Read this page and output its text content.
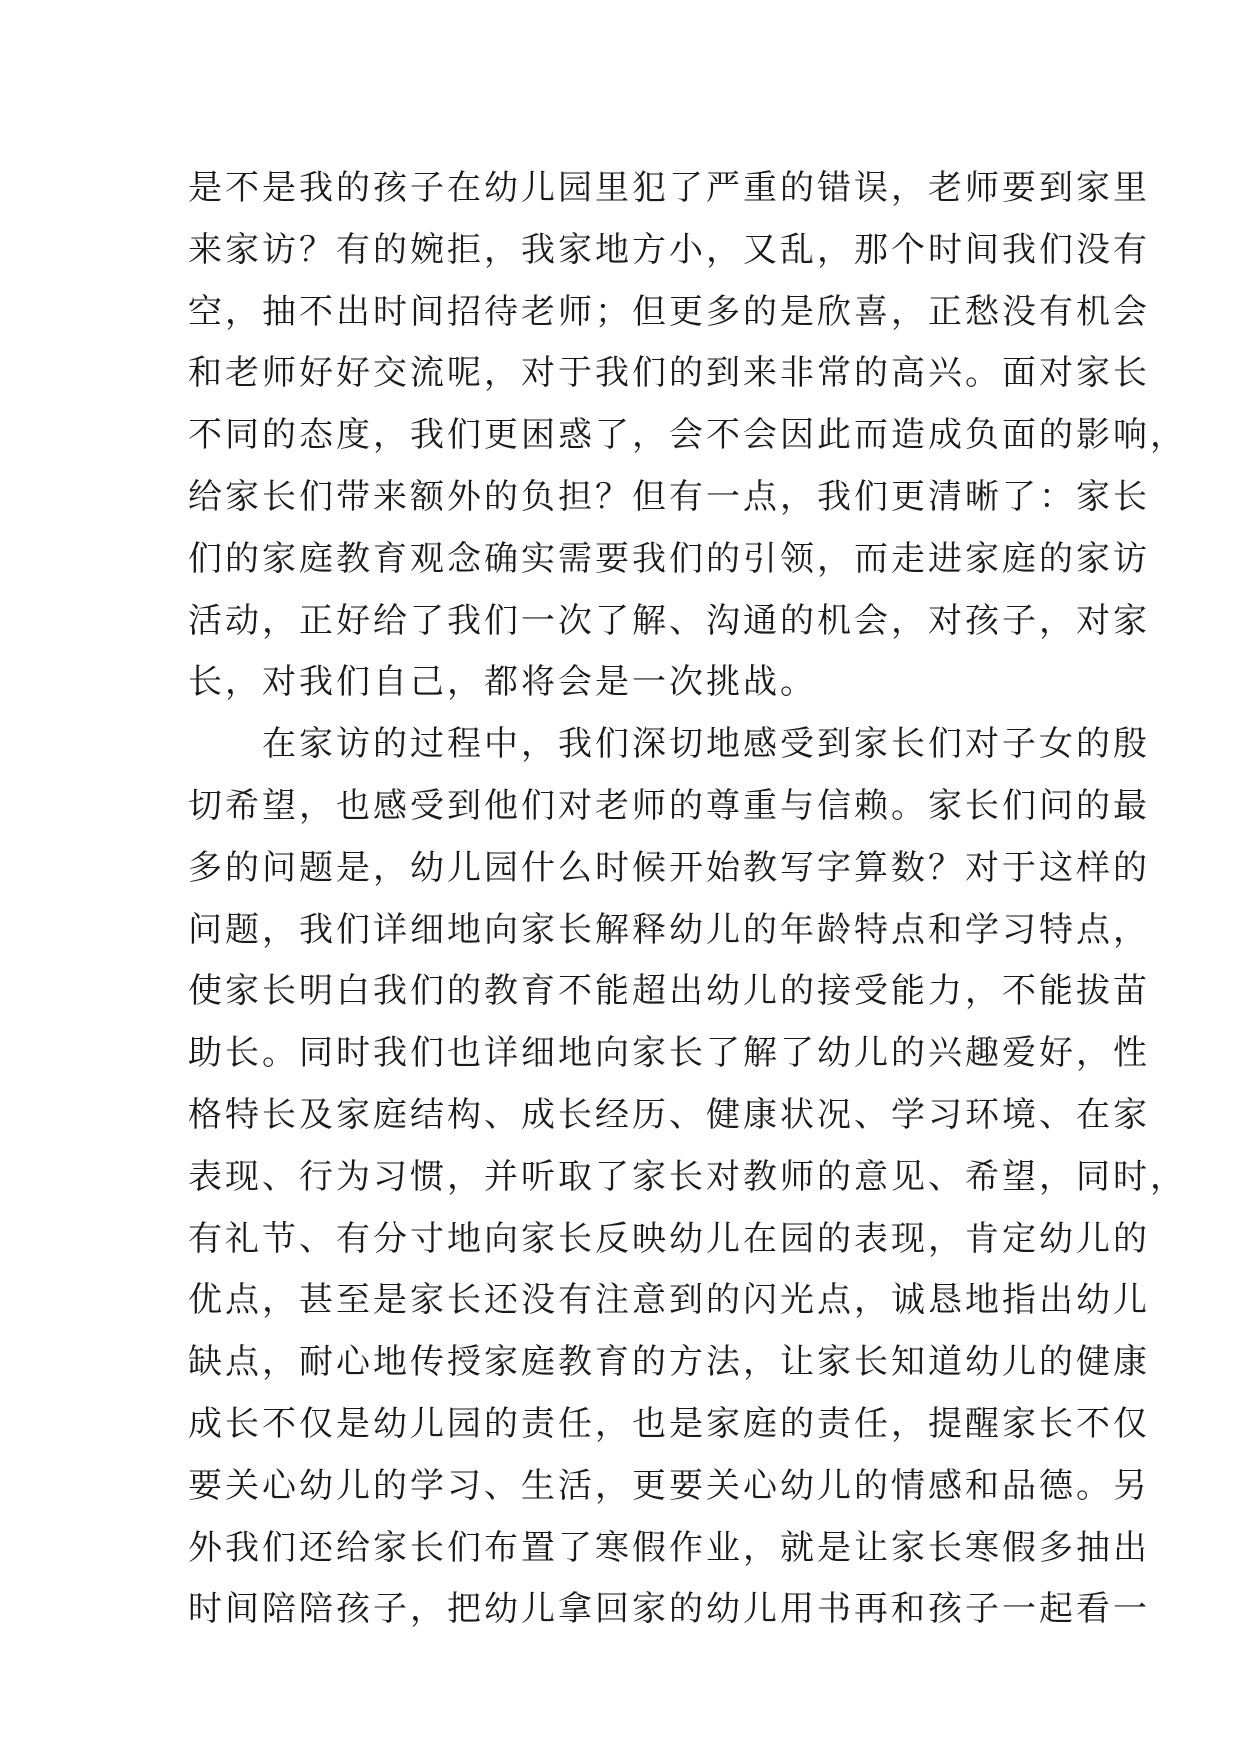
是不是我的孩子在幼儿园里犯了严重的错误，老师要到家里
来家访？有的婉拒，我家地方小，又乱，那个时间我们没有
空，抽不出时间招待老师；但更多的是欣喜，正愁没有机会
和老师好好交流呢，对于我们的到来非常的高兴。面对家长
不同的态度，我们更困惑了，会不会因此而造成负面的影响，
给家长们带来额外的负担？但有一点，我们更清晰了：家长
们的家庭教育观念确实需要我们的引领，而走进家庭的家访
活动，正好给了我们一次了解、沟通的机会，对孩子，对家
长，对我们自己，都将会是一次挑战。
　　在家访的过程中，我们深切地感受到家长们对子女的殷
切希望，也感受到他们对老师的尊重与信赖。家长们问的最
多的问题是，幼儿园什么时候开始教写字算数？对于这样的
问题，我们详细地向家长解释幼儿的年龄特点和学习特点，
使家长明白我们的教育不能超出幼儿的接受能力，不能拔苗
助长。同时我们也详细地向家长了解了幼儿的兴趣爱好，性
格特长及家庭结构、成长经历、健康状况、学习环境、在家
表现、行为习惯，并听取了家长对教师的意见、希望，同时，
有礼节、有分寸地向家长反映幼儿在园的表现，肯定幼儿的
优点，甚至是家长还没有注意到的闪光点，诚恳地指出幼儿
缺点，耐心地传授家庭教育的方法，让家长知道幼儿的健康
成长不仅是幼儿园的责任，也是家庭的责任，提醒家长不仅
要关心幼儿的学习、生活，更要关心幼儿的情感和品德。另
外我们还给家长们布置了寒假作业，就是让家长寒假多抽出
时间陪陪孩子，把幼儿拿回家的幼儿用书再和孩子一起看一
